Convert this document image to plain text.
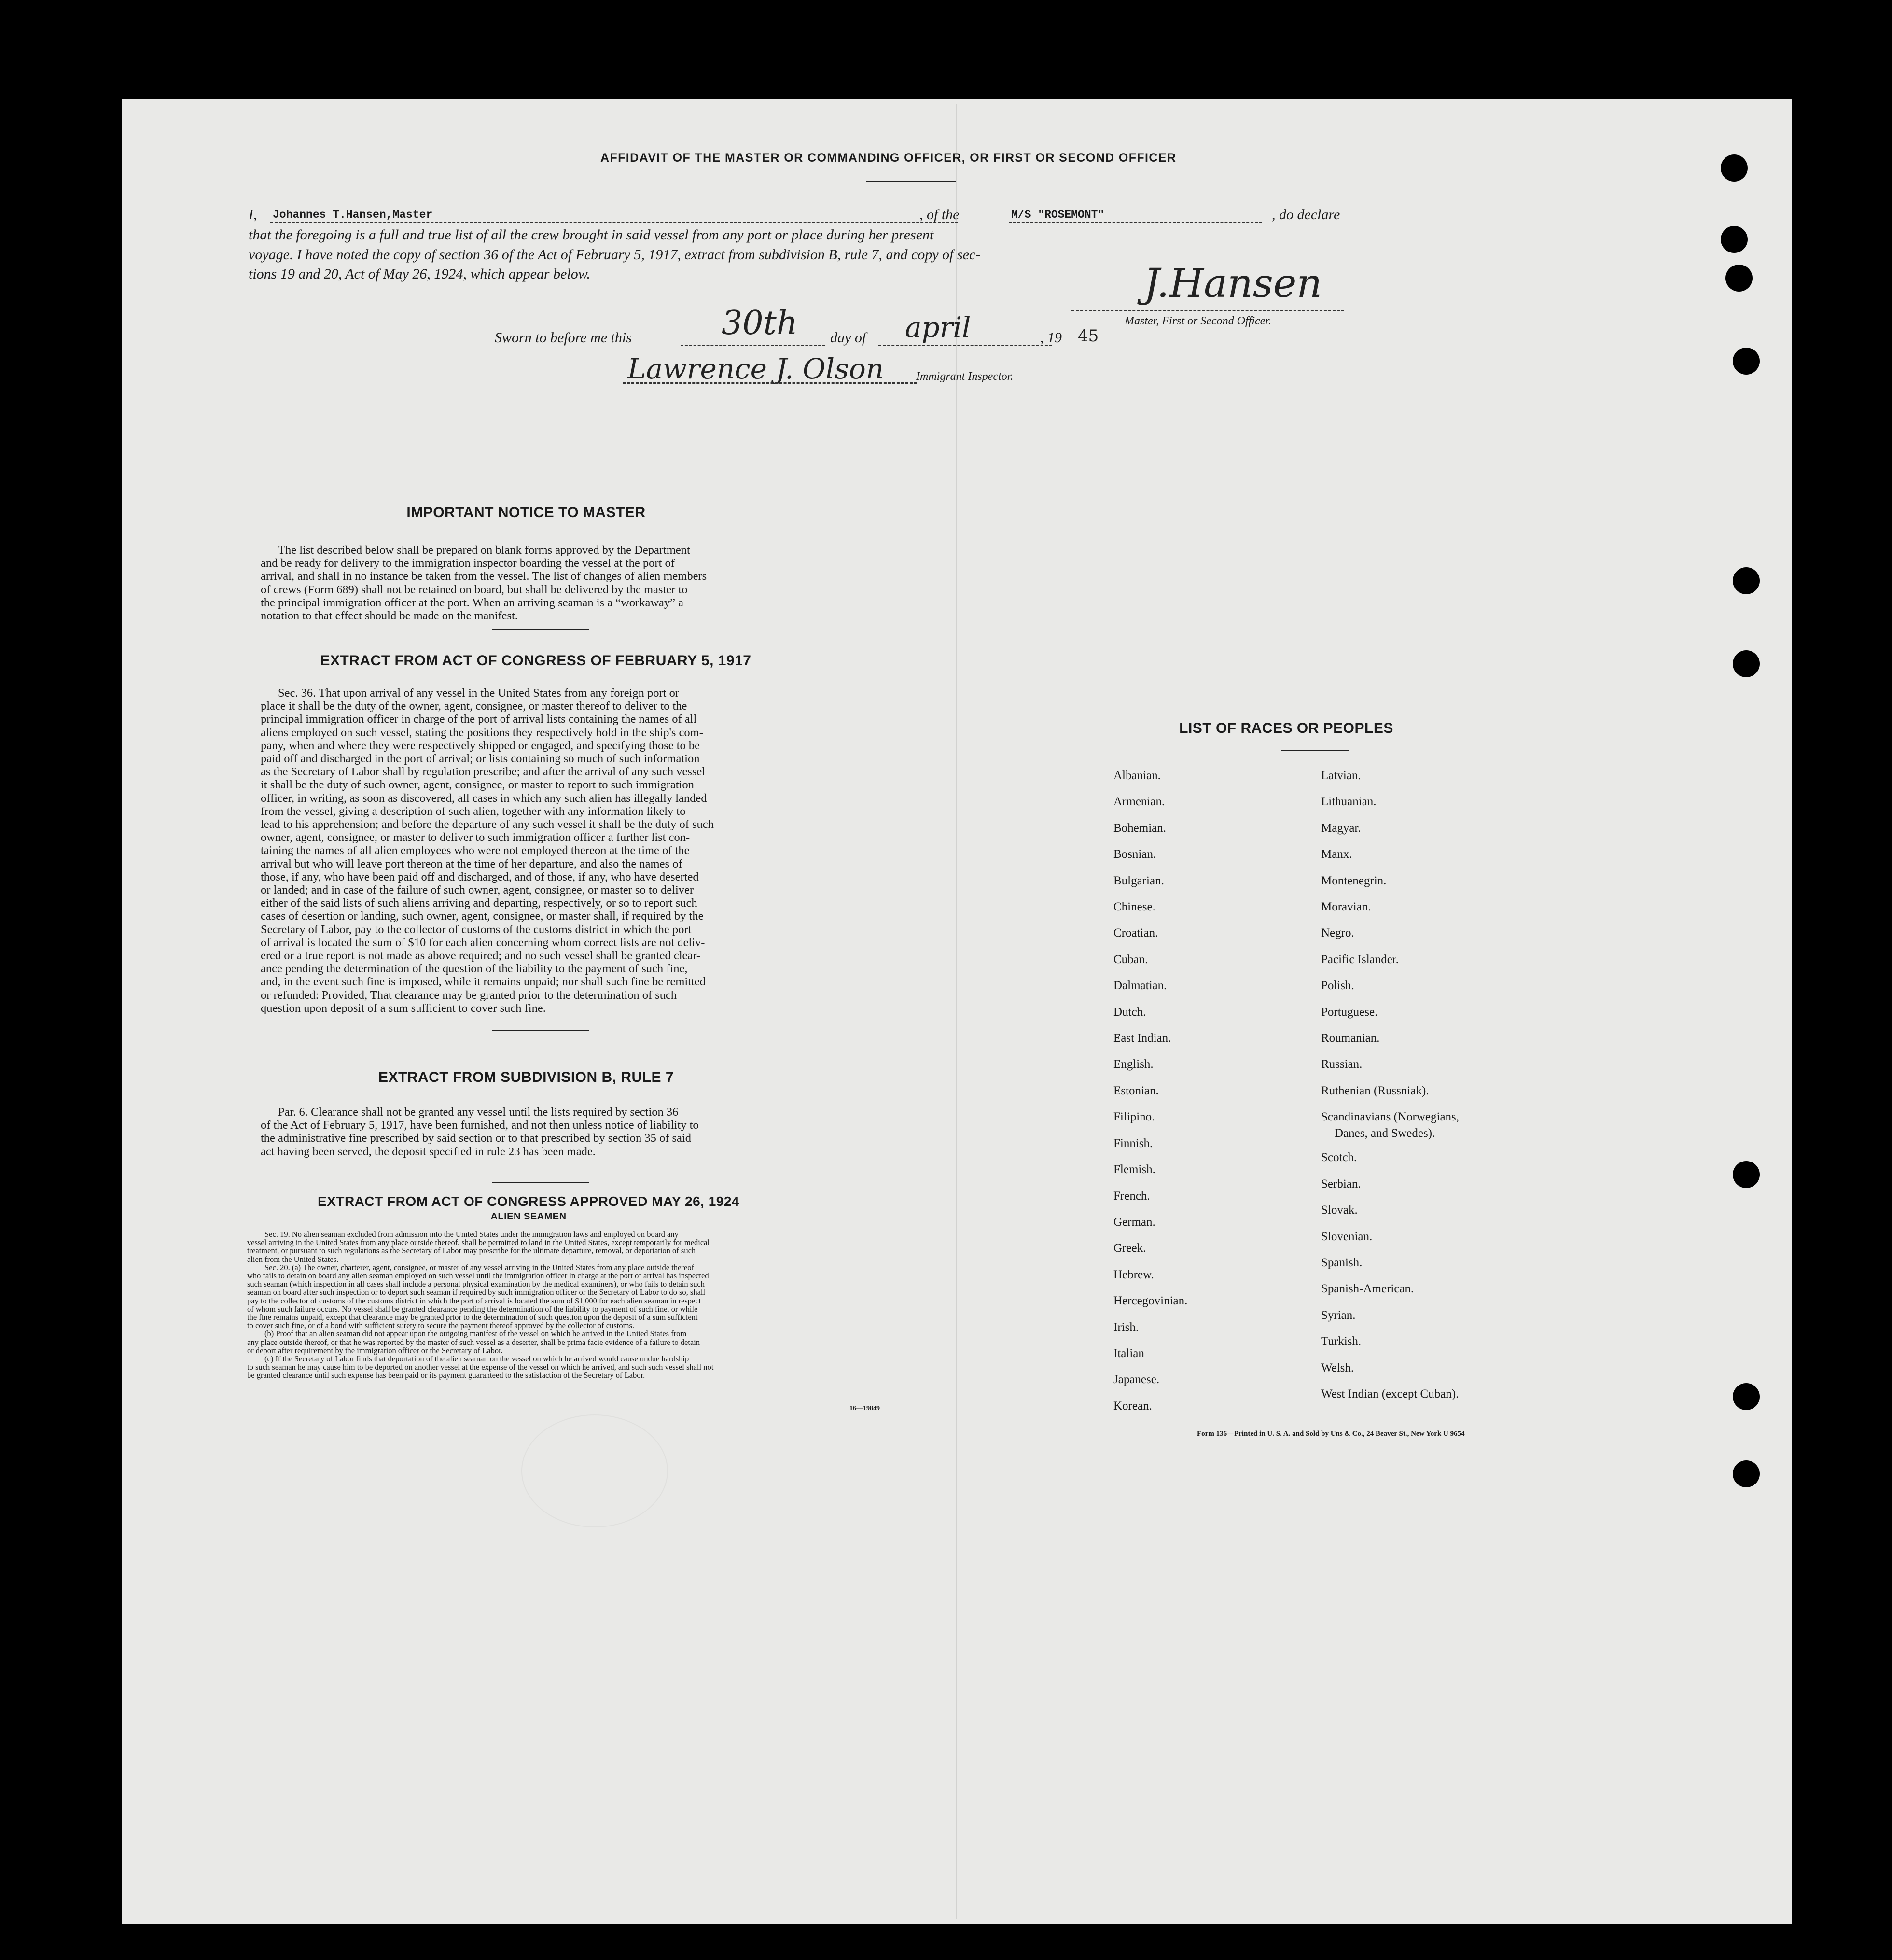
AFFIDAVIT OF THE MASTER OR COMMANDING OFFICER, OR FIRST OR SECOND OFFICER
I, Johannes T.Hansen,Master	, of the	M/S "ROSEMONT"	, do declare
that the foregoing is a full and true list of all the crew brought in said vessel from any port or place during her present
voyage. I have noted the copy of section 36 of the Act of February 5, 1917, extract from subdivision B, rule 7, and copy of sec-
tions 19 and 20, Act of May 26, 1924, which appear below.	J.Hansen
Master, First or Second Officer.
Sworn to before me this	30th day of april	, 19 45
Lawrence J. Olson	Immigrant Inspector.
IMPORTANT NOTICE TO MASTER
The list described below shall be prepared on blank forms approved by the Department
and be ready for delivery to the immigration inspector boarding the vessel at the port of
arrival, and shall in no instance be taken from the vessel. The list of changes of alien members
of crews (Form 689) shall not be retained on board, but shall be delivered by the master to
the principal immigration officer at the port. When an arriving seaman is a “workaway” a
notation to that effect should be made on the manifest.
EXTRACT FROM ACT OF CONGRESS OF FEBRUARY 5, 1917
Sec. 36. That upon arrival of any vessel in the United States from any foreign port or
place it shall be the duty of the owner, agent, consignee, or master thereof to deliver to the
principal immigration officer in charge of the port of arrival lists containing the names of all
aliens employed on such vessel, stating the positions they respectively hold in the ship's com-
pany, when and where they were respectively shipped or engaged, and specifying those to be
paid off and discharged in the port of arrival; or lists containing so much of such information
as the Secretary of Labor shall by regulation prescribe; and after the arrival of any such vessel
it shall be the duty of such owner, agent, consignee, or master to report to such immigration
officer, in writing, as soon as discovered, all cases in which any such alien has illegally landed
from the vessel, giving a description of such alien, together with any information likely to
lead to his apprehension; and before the departure of any such vessel it shall be the duty of such
owner, agent, consignee, or master to deliver to such immigration officer a further list con-
taining the names of all alien employees who were not employed thereon at the time of the
arrival but who will leave port thereon at the time of her departure, and also the names of
those, if any, who have been paid off and discharged, and of those, if any, who have deserted
or landed; and in case of the failure of such owner, agent, consignee, or master so to deliver
either of the said lists of such aliens arriving and departing, respectively, or so to report such
cases of desertion or landing, such owner, agent, consignee, or master shall, if required by the
Secretary of Labor, pay to the collector of customs of the customs district in which the port
of arrival is located the sum of $10 for each alien concerning whom correct lists are not deliv-
ered or a true report is not made as above required; and no such vessel shall be granted clear-
ance pending the determination of the question of the liability to the payment of such fine,
and, in the event such fine is imposed, while it remains unpaid; nor shall such fine be remitted
or refunded: Provided, That clearance may be granted prior to the determination of such
question upon deposit of a sum sufficient to cover such fine.
EXTRACT FROM SUBDIVISION B, RULE 7
Par. 6. Clearance shall not be granted any vessel until the lists required by section 36
of the Act of February 5, 1917, have been furnished, and not then unless notice of liability to
the administrative fine prescribed by said section or to that prescribed by section 35 of said
act having been served, the deposit specified in rule 23 has been made.
EXTRACT FROM ACT OF CONGRESS APPROVED MAY 26, 1924
ALIEN SEAMEN
Sec. 19. No alien seaman excluded from admission into the United States under the immigration laws and employed on board any
vessel arriving in the United States from any place outside thereof, shall be permitted to land in the United States, except temporarily for medical
treatment, or pursuant to such regulations as the Secretary of Labor may prescribe for the ultimate departure, removal, or deportation of such
alien from the United States.
Sec. 20. (a) The owner, charterer, agent, consignee, or master of any vessel arriving in the United States from any place outside thereof
who fails to detain on board any alien seaman employed on such vessel until the immigration officer in charge at the port of arrival has inspected
such seaman (which inspection in all cases shall include a personal physical examination by the medical examiners), or who fails to detain such
seaman on board after such inspection or to deport such seaman if required by such immigration officer or the Secretary of Labor to do so, shall
pay to the collector of customs of the customs district in which the port of arrival is located the sum of $1,000 for each alien seaman in respect
of whom such failure occurs. No vessel shall be granted clearance pending the determination of the liability to payment of such fine, or while
the fine remains unpaid, except that clearance may be granted prior to the determination of such question upon the deposit of a sum sufficient
to cover such fine, or of a bond with sufficient surety to secure the payment thereof approved by the collector of customs.
(b) Proof that an alien seaman did not appear upon the outgoing manifest of the vessel on which he arrived in the United States from
any place outside thereof, or that he was reported by the master of such vessel as a deserter, shall be prima facie evidence of a failure to detain
or deport after requirement by the immigration officer or the Secretary of Labor.
(c) If the Secretary of Labor finds that deportation of the alien seaman on the vessel on which he arrived would cause undue hardship
to such seaman he may cause him to be deported on another vessel at the expense of the vessel on which he arrived, and such such vessel shall not
be granted clearance until such expense has been paid or its payment guaranteed to the satisfaction of the Secretary of Labor.
16—19849
LIST OF RACES OR PEOPLES
Albanian.
Armenian.
Bohemian.
Bosnian.
Bulgarian.
Chinese.
Croatian.
Cuban.
Dalmatian.
Dutch.
East Indian.
English.
Estonian.
Filipino.
Finnish.
Flemish.
French.
German.
Greek.
Hebrew.
Hercegovinian.
Irish.
Italian
Japanese.
Korean.
Latvian.
Lithuanian.
Magyar.
Manx.
Montenegrin.
Moravian.
Negro.
Pacific Islander.
Polish.
Portuguese.
Roumanian.
Russian.
Ruthenian (Russniak).
Scandinavians (Norwegians,
Danes, and Swedes).
Scotch.
Serbian.
Slovak.
Slovenian.
Spanish.
Spanish-American.
Syrian.
Turkish.
Welsh.
West Indian (except Cuban).
Form 136—Printed in U. S. A. and Sold by Uns & Co., 24 Beaver St., New York U 9654
